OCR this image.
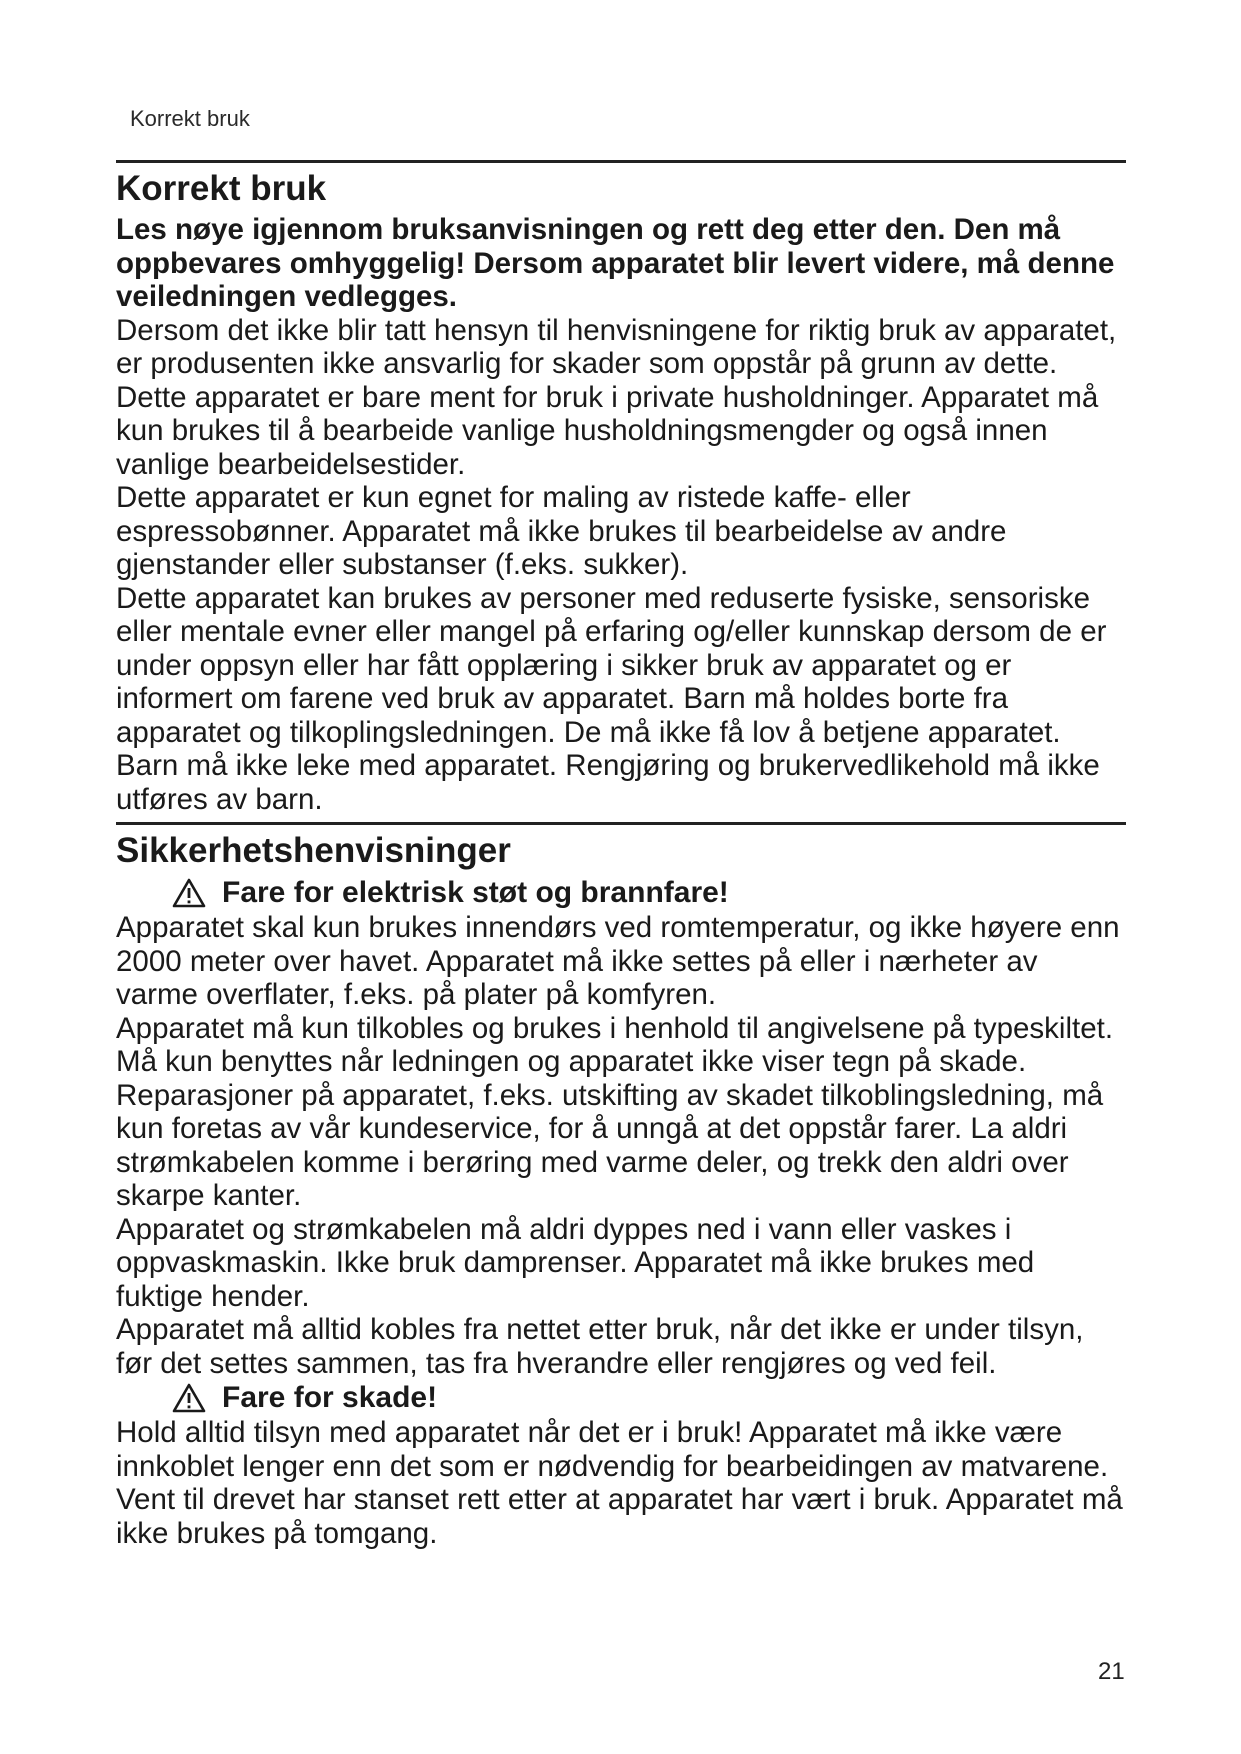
Korrekt bruk
Korrekt bruk

Les nøye igjennom bruksanvisningen og rett deg etter den. Den må oppbevares omhyggelig! Dersom apparatet blir levert videre, må denne veiledningen vedlegges.

Dersom det ikke blir tatt hensyn til henvisningene for riktig bruk av apparatet, er produsenten ikke ansvarlig for skader som oppstår på grunn av dette.

Dette apparatet er bare ment for bruk i private husholdninger. Apparatet må kun brukes til å bearbeide vanlige husholdningsmengder og også innen vanlige bearbeidelsestider.

Dette apparatet er kun egnet for maling av ristede kaffe- eller espressobønner. Apparatet må ikke brukes til bearbeidelse av andre gjenstander eller substanser (f.eks. sukker).

Dette apparatet kan brukes av personer med reduserte fysiske, sensoriske eller mentale evner eller mangel på erfaring og/eller kunnskap dersom de er under oppsyn eller har fått opplæring i sikker bruk av apparatet og er informert om farene ved bruk av apparatet. Barn må holdes borte fra apparatet og tilkoplingsledningen. De må ikke få lov å betjene apparatet. Barn må ikke leke med apparatet. Rengjøring og brukervedlikehold må ikke utføres av barn.

Sikkerhetshenvisninger
Fare for elektrisk støt og brannfare!

Apparatet skal kun brukes innendørs ved romtemperatur, og ikke høyere enn 2000 meter over havet. Apparatet må ikke settes på eller i nærheter av varme overflater, f.eks. på plater på komfyren.

Apparatet må kun tilkobles og brukes i henhold til angivelsene på typeskiltet. Må kun benyttes når ledningen og apparatet ikke viser tegn på skade. Reparasjoner på apparatet, f.eks. utskifting av skadet tilkoblingsledning, må kun foretas av vår kundeservice, for å unngå at det oppstår farer. La aldri strømkabelen komme i berøring med varme deler, og trekk den aldri over skarpe kanter.

Apparatet og strømkabelen må aldri dyppes ned i vann eller vaskes i oppvaskmaskin. Ikke bruk damprenser. Apparatet må ikke brukes med fuktige hender.

Apparatet må alltid kobles fra nettet etter bruk, når det ikke er under tilsyn, før det settes sammen, tas fra hverandre eller rengjøres og ved feil.

Fare for skade!

Hold alltid tilsyn med apparatet når det er i bruk! Apparatet må ikke være innkoblet lenger enn det som er nødvendig for bearbeidingen av matvarene. Vent til drevet har stanset rett etter at apparatet har vært i bruk. Apparatet må ikke brukes på tomgang.

21
